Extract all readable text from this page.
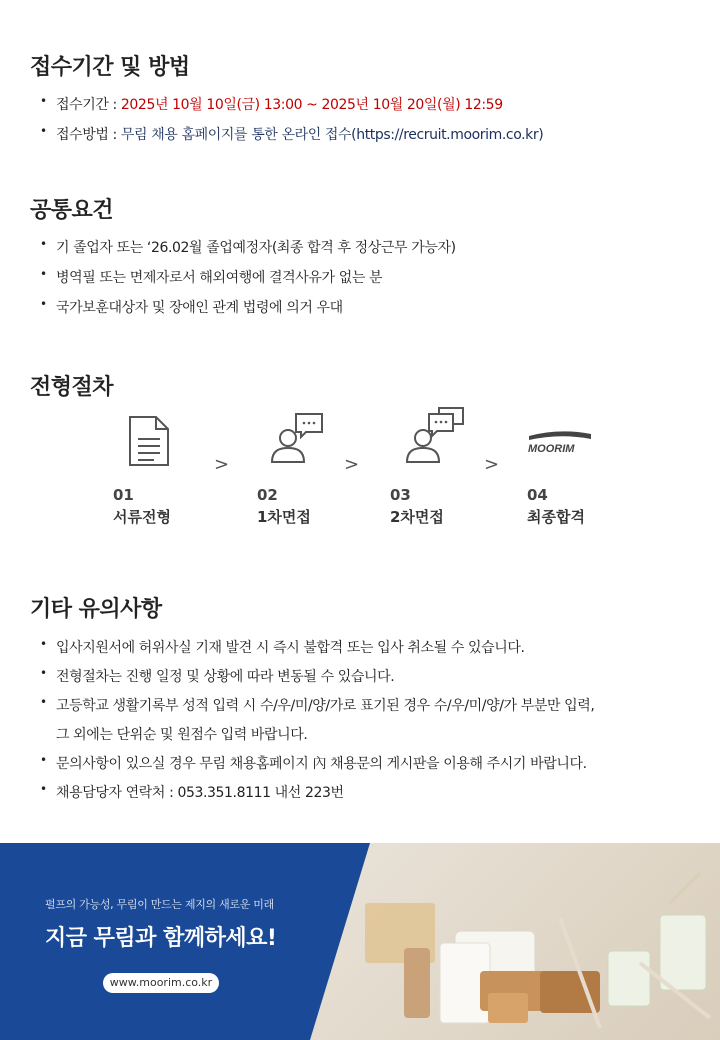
접수기간 및 방법
• 접수기간 : 2025년 10월 10일(금) 13:00 ~ 2025년 10월 20일(월) 12:59
• 접수방법 : 무림 채용 홈페이지를 통한 온라인 접수(https://recruit.moorim.co.kr)
공통요건
• 기 졸업자 또는 ‘26.02월 졸업예정자(최종 합격 후 정상근무 가능자)
• 병역필 또는 면제자로서 해외여행에 결격사유가 없는 분
• 국가보훈대상자 및 장애인 관계 법령에 의거 우대
전형절차
MOORIM
>	>	>
01
서류전형
02
1차면접
03
2차면접
04
최종합격
기타 유의사항
• 입사지원서에 허위사실 기재 발견 시 즉시 불합격 또는 입사 취소될 수 있습니다.
• 전형절차는 진행 일정 및 상황에 따라 변동될 수 있습니다.
• 고등학교 생활기록부 성적 입력 시 수/우/미/양/가로 표기된 경우 수/우/미/양/가 부분만 입력,
그 외에는 단위순 및 원점수 입력 바랍니다.
• 문의사항이 있으실 경우 무림 채용홈페이지 內 채용문의 게시판을 이용해 주시기 바랍니다.
• 채용담당자 연락처 : 053.351.8111 내선 223번
펄프의 가능성, 무림이 만드는 제지의 새로운 미래
지금 무림과 함께하세요!
www.moorim.co.kr
